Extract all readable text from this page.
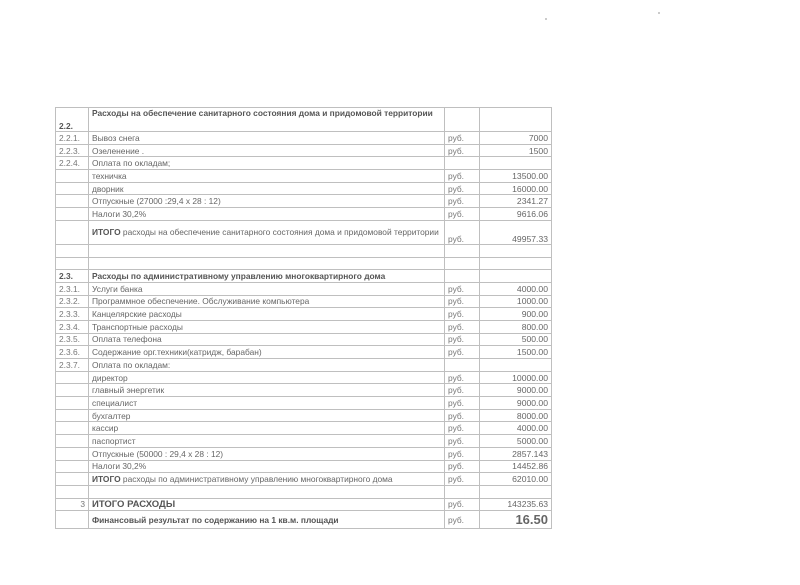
2.2.	Расходы на обеспечение санитарного состояния дома и придомовой территории		
2.2.1.	Вывоз снега	руб.	7000
2.2.3.	Озеленение .	руб.	1500
2.2.4.	Оплата по окладам;		
	техничка	руб.	13500.00
	дворник	руб.	16000.00
	Отпускные (27000 :29,4 х 28 : 12)	руб.	2341.27
	Налоги 30,2%	руб.	9616.06
	ИТОГО расходы на обеспечение санитарного состояния дома и придомовой территории	руб.	49957.33

2.3.	Расходы по административному управлению многоквартирного дома		
2.3.1.	Услуги банка	руб.	4000.00
2.3.2.	Программное обеспечение. Обслуживание компьютера	руб.	1000.00
2.3.3.	Канцелярские расходы	руб.	900.00
2.3.4.	Транспортные расходы	руб.	800.00
2.3.5.	Оплата телефона	руб.	500.00
2.3.6.	Содержание орг.техники(катридж, барабан)	руб.	1500.00
2.3.7.	Оплата по окладам:		
	директор	руб.	10000.00
	главный энергетик	руб.	9000.00
	специалист	руб.	9000.00
	бухгалтер	руб.	8000.00
	кассир	руб.	4000.00
	паспортист	руб.	5000.00
	Отпускные (50000 : 29,4 х 28 : 12)	руб.	2857.143
	Налоги 30,2%	руб.	14452.86
	ИТОГО расходы по административному управлению многоквартирного дома	руб.	62010.00

3	ИТОГО РАСХОДЫ	руб.	143235.63
	Финансовый результат по содержанию на 1 кв.м. площади	руб.	16.50
